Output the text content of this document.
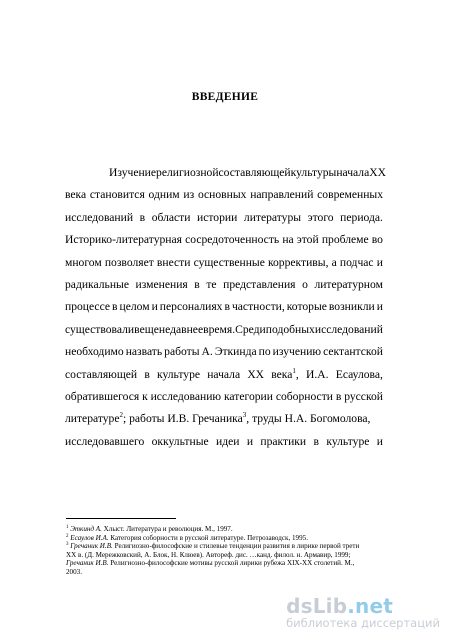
ВВЕДЕНИЕ
Изучение религиозной составляющей культуры начала XX
века становится одним из основных направлений современных
исследований в области истории литературы этого периода.
Историко-литературная сосредоточенность на этой проблеме во
многом позволяет внести существенные коррективы, а подчас и
радикальные изменения в те представления о литературном
процессе в целом и персоналиях в частности, которые возникли и
существовали в еще недавнее время. Среди подобных исследований
необходимо назвать работы А. Эткинда по изучению сектантской
составляющей в культуре начала XX века$^1$, И.А. Есаулова,
обратившегося к исследованию категории соборности в русской
литературе$^2$; работы И.В. Гречаника$^3$, труды Н.А. Богомолова,
исследовавшего оккультные идеи и практики в культуре и
$^1$ Эткинд А. Хлыст. Литература и революция. М., 1997.
$^2$ Есаулов И.А. Категория соборности в русской литературе. Петрозаводск, 1995.
$^3$ Гречаник И.В. Религиозно-философские и стилевые тенденции развития в лирике первой трети
XX в. (Д. Мережковский, А. Блок, Н. Клюев). Автореф. дис. …канд. филол. н. Армавир, 1999;
Гречаник И.В. Религиозно-философские мотивы русской лирики рубежа XIX-XX столетий. М.,
2003.
dsLib.net
библиотека диссертаций
